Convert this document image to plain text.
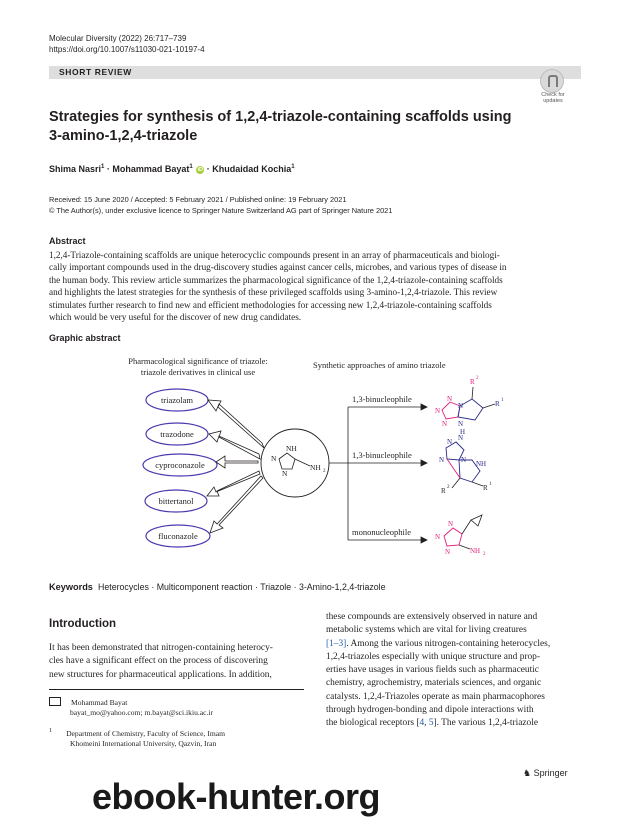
Molecular Diversity (2022) 26:717–739
https://doi.org/10.1007/s11030-021-10197-4
SHORT REVIEW
Check for
updates
Strategies for synthesis of 1,2,4-triazole-containing scaffolds using
3-amino-1,2,4-triazole
Shima Nasri$^1$ · Mohammad Bayat$^1$ iD · Khudaidad Kochia$^1$
Received: 15 June 2020 / Accepted: 5 February 2021 / Published online: 19 February 2021
© The Author(s), under exclusive licence to Springer Nature Switzerland AG part of Springer Nature 2021
Abstract
1,2,4-Triazole-containing scaffolds are unique heterocyclic compounds present in an array of pharmaceuticals and biologi-
cally important compounds used in the drug-discovery studies against cancer cells, microbes, and various types of disease in
the human body. This review article summarizes the pharmacological significance of the 1,2,4-triazole-containing scaffolds
and highlights the latest strategies for the synthesis of these privileged scaffolds using 3-amino-1,2,4-triazole. This review
stimulates further research to find new and efficient methodologies for accessing new 1,2,4-triazole-containing scaffolds
which would be very useful for the discover of new drug candidates.
Graphic abstract
Pharmacological significance of triazole:
triazole derivatives in clinical use
Synthetic approaches of amino triazole
triazolam
trazodone
cyproconazole
bittertanol
fluconazole
N
NH
N
NH 2
1,3-binucleophile
1,3-binucleophile
mononucleophile
N
N
N
N
N
H
R 1
R 2
N N
N N NH
R 1
R 2
N
N
N	NH 2
Keywords Heterocycles · Multicomponent reaction · Triazole · 3-Amino-1,2,4-triazole
Introduction
It has been demonstrated that nitrogen-containing heterocy-
cles have a significant effect on the process of discovering
new structures for pharmaceutical applications. In addition,
Mohammad Bayat
bayat_mo@yahoo.com; m.bayat@sci.ikiu.ac.ir
$^1$ Department of Chemistry, Faculty of Science, Imam
Khomeini International University, Qazvin, Iran
these compounds are extensively observed in nature and
metabolic systems which are vital for living creatures
[1–3]. Among the various nitrogen-containing heterocycles,
1,2,4-triazoles especially with unique structure and prop-
erties have usages in various fields such as pharmaceutic
chemistry, agrochemistry, materials sciences, and organic
catalysts. 1,2,4-Triazoles operate as main pharmacophores
through hydrogen-bonding and dipole interactions with
the biological receptors [4, 5]. The various 1,2,4-triazole
♞ Springer
ebook-hunter.org
